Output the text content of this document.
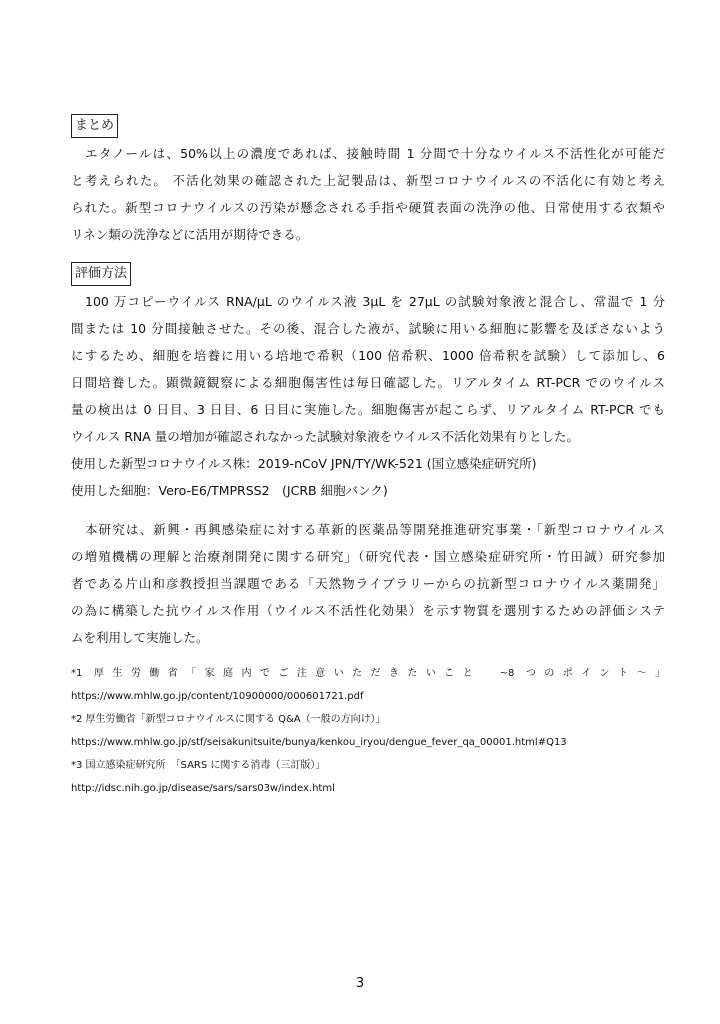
まとめ
エタノールは、50%以上の濃度であれば、接触時間 1 分間で十分なウイルス不活性化が可能だ
と考えられた。 不活化効果の確認された上記製品は、新型コロナウイルスの不活化に有効と考え
られた。新型コロナウイルスの汚染が懸念される手指や硬質表面の洗浄の他、日常使用する衣類や
リネン類の洗浄などに活用が期待できる。
評価方法
100 万コピーウイルス RNA/μL のウイルス液 3μL を 27μL の試験対象液と混合し、常温で 1 分
間または 10 分間接触させた。その後、混合した液が、試験に用いる細胞に影響を及ぼさないよう
にするため、細胞を培養に用いる培地で希釈（100 倍希釈、1000 倍希釈を試験）して添加し、6
日間培養した。顕微鏡観察による細胞傷害性は毎日確認した。リアルタイム RT-PCR でのウイルス
量の検出は 0 日目、3 日目、6 日目に実施した。細胞傷害が起こらず、リアルタイム RT-PCR でも
ウイルス RNA 量の増加が確認されなかった試験対象液をウイルス不活化効果有りとした。
使用した新型コロナウイルス株：2019-nCoV JPN/TY/WK-521 (国立感染症研究所)
使用した細胞：Vero-E6/TMPRSS2　(JCRB 細胞バンク)
本研究は、新興・再興感染症に対する革新的医薬品等開発推進研究事業・「新型コロナウイルス
の増殖機構の理解と治療剤開発に関する研究」（研究代表・国立感染症研究所・竹田誠）研究参加
者である片山和彦教授担当課題である「天然物ライブラリーからの抗新型コロナウイルス薬開発」
の為に構築した抗ウイルス作用（ウイルス不活性化効果）を示す物質を選別するための評価システ
ムを利用して実施した。
*1 厚生労働省「家庭内でご注意いただきたいこと　~8 つのポイント～」
https://www.mhlw.go.jp/content/10900000/000601721.pdf
*2 厚生労働省「新型コロナウイルスに関する Q&A（一般の方向け）」
https://www.mhlw.go.jp/stf/seisakunitsuite/bunya/kenkou_iryou/dengue_fever_qa_00001.html#Q13
*3 国立感染症研究所　「SARS に関する消毒（三訂版）」
http://idsc.nih.go.jp/disease/sars/sars03w/index.html
3
